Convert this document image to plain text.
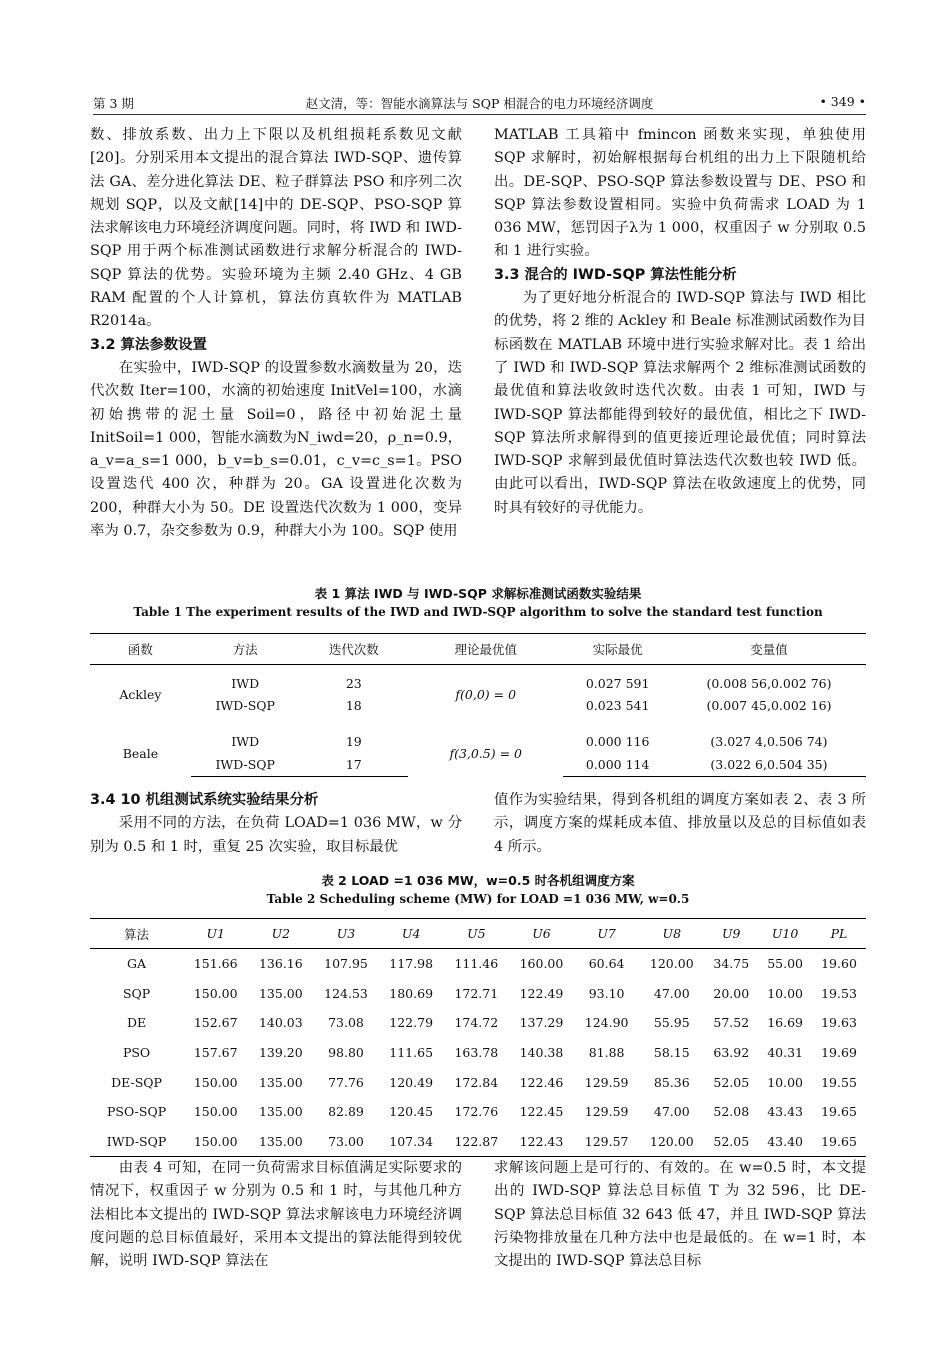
第 3 期	赵文清，等：智能水滴算法与 SQP 相混合的电力环境经济调度	• 349 •

数、排放系数、出力上下限以及机组损耗系数见文献[20]。分别采用本文提出的混合算法 IWD-SQP、遗传算法 GA、差分进化算法 DE、粒子群算法 PSO 和序列二次规划 SQP，以及文献[14]中的 DE-SQP、PSO-SQP 算法求解该电力环境经济调度问题。同时，将 IWD 和 IWD-SQP 用于两个标准测试函数进行求解分析混合的 IWD-SQP 算法的优势。实验环境为主频 2.40 GHz、4 GB RAM 配置的个人计算机，算法仿真软件为 MATLAB R2014a。

3.2 算法参数设置

在实验中，IWD-SQP 的设置参数水滴数量为 20，迭代次数 Iter=100，水滴的初始速度 InitVel=100，水滴初始携带的泥土量 Soil=0，路径中初始泥土量 InitSoil=1 000，智能水滴数为N_iwd=20，ρ_n=0.9，a_v=a_s=1 000，b_v=b_s=0.01，c_v=c_s=1。PSO 设置迭代 400 次，种群为 20。GA 设置进化次数为 200，种群大小为 50。DE 设置迭代次数为 1 000，变异率为 0.7，杂交参数为 0.9，种群大小为 100。SQP 使用

MATLAB 工具箱中 fmincon 函数来实现，单独使用 SQP 求解时，初始解根据每台机组的出力上下限随机给出。DE-SQP、PSO-SQP 算法参数设置与 DE、PSO 和 SQP 算法参数设置相同。实验中负荷需求 LOAD 为 1 036 MW，惩罚因子λ为 1 000，权重因子 w 分别取 0.5 和 1 进行实验。

3.3 混合的 IWD-SQP 算法性能分析

为了更好地分析混合的 IWD-SQP 算法与 IWD 相比的优势，将 2 维的 Ackley 和 Beale 标准测试函数作为目标函数在 MATLAB 环境中进行实验求解对比。表 1 给出了 IWD 和 IWD-SQP 算法求解两个 2 维标准测试函数的最优值和算法收敛时迭代次数。由表 1 可知，IWD 与 IWD-SQP 算法都能得到较好的最优值，相比之下 IWD-SQP 算法所求解得到的值更接近理论最优值；同时算法 IWD-SQP 求解到最优值时算法迭代次数也较 IWD 低。由此可以看出，IWD-SQP 算法在收敛速度上的优势，同时具有较好的寻优能力。

表 1 算法 IWD 与 IWD-SQP 求解标准测试函数实验结果
Table 1 The experiment results of the IWD and IWD-SQP algorithm to solve the standard test function
函数	方法	迭代次数	理论最优值	实际最优	变量值

Ackley	IWD	23	f(0,0) = 0	0.027 591	(0.008 56,0.002 76)
	IWD-SQP	18		0.023 541	(0.007 45,0.002 16)

Beale	IWD	19	f(3,0.5) = 0	0.000 116	(3.027 4,0.506 74)
	IWD-SQP	17		0.000 114	(3.022 6,0.504 35)

3.4 10 机组测试系统实验结果分析

采用不同的方法，在负荷 LOAD=1 036 MW，w 分别为 0.5 和 1 时，重复 25 次实验，取目标最优

值作为实验结果，得到各机组的调度方案如表 2、表 3 所示，调度方案的煤耗成本值、排放量以及总的目标值如表 4 所示。

表 2 LOAD =1 036 MW，w=0.5 时各机组调度方案
Table 2 Scheduling scheme (MW) for LOAD =1 036 MW, w=0.5
算法	U1	U2	U3	U4	U5	U6	U7	U8	U9	U10	PL
GA	151.66	136.16	107.95	117.98	111.46	160.00	60.64	120.00	34.75	55.00	19.60
SQP	150.00	135.00	124.53	180.69	172.71	122.49	93.10	47.00	20.00	10.00	19.53
DE	152.67	140.03	73.08	122.79	174.72	137.29	124.90	55.95	57.52	16.69	19.63
PSO	157.67	139.20	98.80	111.65	163.78	140.38	81.88	58.15	63.92	40.31	19.69
DE-SQP	150.00	135.00	77.76	120.49	172.84	122.46	129.59	85.36	52.05	10.00	19.55
PSO-SQP	150.00	135.00	82.89	120.45	172.76	122.45	129.59	47.00	52.08	43.43	19.65
IWD-SQP	150.00	135.00	73.00	107.34	122.87	122.43	129.57	120.00	52.05	43.40	19.65

由表 4 可知，在同一负荷需求目标值满足实际要求的情况下，权重因子 w 分别为 0.5 和 1 时，与其他几种方法相比本文提出的 IWD-SQP 算法求解该电力环境经济调度问题的总目标值最好，采用本文提出的算法能得到较优解，说明 IWD-SQP 算法在

求解该问题上是可行的、有效的。在 w=0.5 时，本文提出的 IWD-SQP 算法总目标值 T 为 32 596，比 DE-SQP 算法总目标值 32 643 低 47，并且 IWD-SQP 算法污染物排放量在几种方法中也是最低的。在 w=1 时，本文提出的 IWD-SQP 算法总目标
